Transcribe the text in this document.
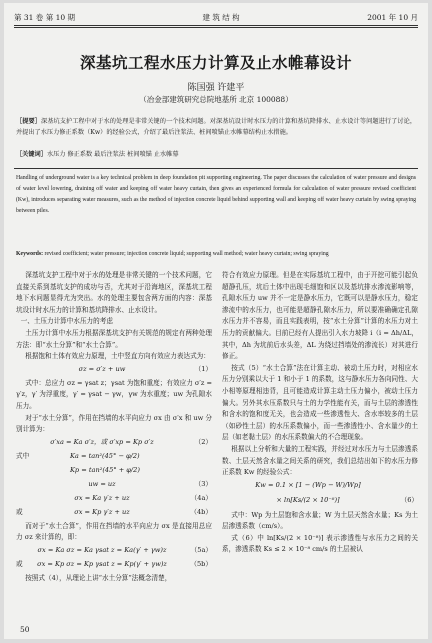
第 31 卷 第 10 期	建 筑 结 构	2001 年 10 月
深基坑工程水压力计算及止水帷幕设计
陈国强 许建平
（冶金部建筑研究总院地基所 北京 100088）
［提要］深基坑支护工程中对于水的处理是非常关键的一个技术问题。对深基坑设计时水压力的计算和基坑降排水、止水设计等问题进行了讨论，并提出了水压力修正系数（Kw）的经验公式，介绍了最后注浆法、桩间喷锚止水帷幕结构止水措施。
［关键词］水压力 修正系数 最后注浆法 桩间喷锚 止水帷幕
Handling of underground water is a key technical problem in deep foundation pit supporting engineering. The paper discusses the calculation of water pressure and designs of water level lowering, draining off water and keeping off water heavy curtain, then gives an experienced formula for calculation of water pressure revised coefficient (Kw), introduces separating water measures, such as the method of injection concrete liquid behind supporting wall and keeping off water heavy curtain by swing spraying between piles.
Keywords: revised coefficient; water pressure; injection concrete liquid; supporting wall method; water heavy curtain; swing spraying

深基坑支护工程中对于水的处理是非常关键的一个技术问题，它直接关系到基坑支护的成功与否，尤其对于沿海地区，深基坑工程地下水问题显得尤为突出。水的处理主要包含两方面的内容：深基坑设计时水压力的计算和基坑降排水、止水设计。

一、土压力计算中水压力的考虑

土压力计算中水压力根据深基坑支护有关规范的规定有两种处理方法：即“水土分算”和“水土合算”。

根据饱和土体有效应力原理，土中竖直方向有效应力表达式为：

σz = σ′z + uw	（1）

式中：总应力 σz = γsat z；γsat 为饱和重度；有效应力 σ′z = γ′z，γ′ 为浮重度，γ′ = γsat − γw，γw 为水重度；uw 为孔隙水压力。

对于“水土分算”，作用在挡墙的水平向应力 σx 由 σ′x 和 uw 分别计算为：

σ′xa = Ka σ′z，或 σ′xp = Kp σ′z	（2）
式中	Ka = tan²(45° − φ/2)
Kp = tan²(45° + φ/2)
uw = uz	（3）
σx = Ka γ′z + uz	（4a）
或	σx = Kp γ′z + uz	（4b）

而对于“水土合算”，作用在挡墙的水平向应力 σx 是直接用总应力 σz 来计算的，即：

σx = Ka σz = Ka γsat z = Ka(γ′ + γw)z	（5a）
或	σx = Kp σz = Kp γsat z = Kp(γ′ + γw)z	（5b）

按照式（4），从理论上讲“水土分算”法概念清楚，

符合有效应力原理。但是在实际基坑工程中，由于开挖可能引起负超静孔压，坑后土体中出现毛细饱和区以及基坑排水渗流影响等，孔隙水压力 uw 并不一定是静水压力，它既可以是静水压力，稳定渗流中的水压力，也可能是超静孔隙水压力，所以要准确确定孔隙水压力并不容易，而且实践表明，按“水土分算”计算的水压力对土压力的贡献偏大。目前已经有人提出引入水力坡降 i（i = Δh/ΔL，其中，Δh 为坑前后水头差，ΔL 为绕过挡墙处的渗流长）对其进行修正。

按式（5）“水土合算”法在计算主动、被动土压力时，对相应水压力分别乘以大于 1 和小于 1 的系数，这与静水压力各向同性、大小相等原理相违背，且可能造成计算主动土压力偏小，被动土压力偏大。另外其水压系数只与土的力学性能有关，而与土层的渗透性和含水的饱和度无关，也会造成一些渗透性大、含水率较多的土层（如砂性土层）的水压系数偏小，而一些渗透性小、含水量少的土层（如老黏土层）的水压系数偏大的不合理现象。

根据以上分析和大量的工程实践，并经过对水压力与土层渗透系数、土层天然含水量之间关系的研究，我们总结出如下的水压力修正系数 Kw 的经验公式：

Kw = 0.1 × [1 − (Wp − W)/Wp]
× ln[Ks/(2 × 10⁻⁸)]	（6）

式中：Wp 为土层饱和含水量；W 为土层天然含水量；Ks 为土层渗透系数（cm/s）。

式（6）中 ln[Ks/(2 × 10⁻⁸)] 表示渗透性与水压力之间的关系，渗透系数 Ks ≤ 2 × 10⁻⁸ cm/s 的土层被认

50
